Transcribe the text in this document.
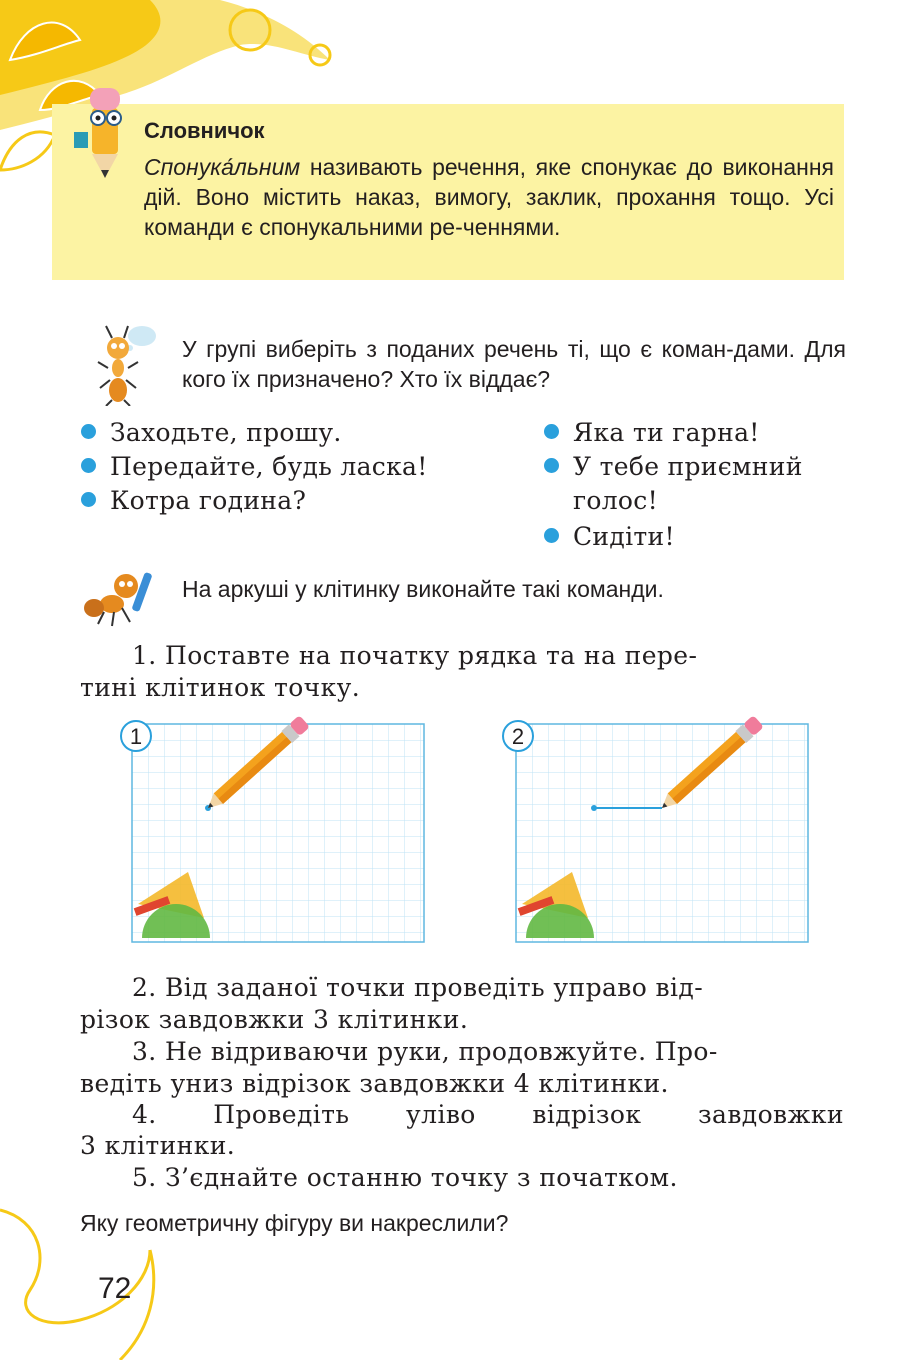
Словничок
Спонука́льним називають речення, яке спонукає до виконання дій. Воно містить наказ, вимогу, заклик, прохання тощо. Усі команди є спонукальними ре-ченнями.
У групі виберіть з поданих речень ті, що є коман-дами. Для кого їх призначено? Хто їх віддає?
Заходьте, прошу.
Передайте, будь ласка!
Котра година?
Яка ти гарна!
У тебе приємний
голос!
Сидіти!
На аркуші у клітинку виконайте такі команди.
1. Поставте на початку рядка та на пере-
тині клітинок точку.
1	2
2. Від заданої точки проведіть управо від-
різок завдовжки 3 клітинки.
3. Не відриваючи руки, продовжуйте. Про-
ведіть униз відрізок завдовжки 4 клітинки.
4. Проведіть уліво відрізок завдовжки
3 клітинки.
5. З’єднайте останню точку з початком.
Яку геометричну фігуру ви накреслили?
72
